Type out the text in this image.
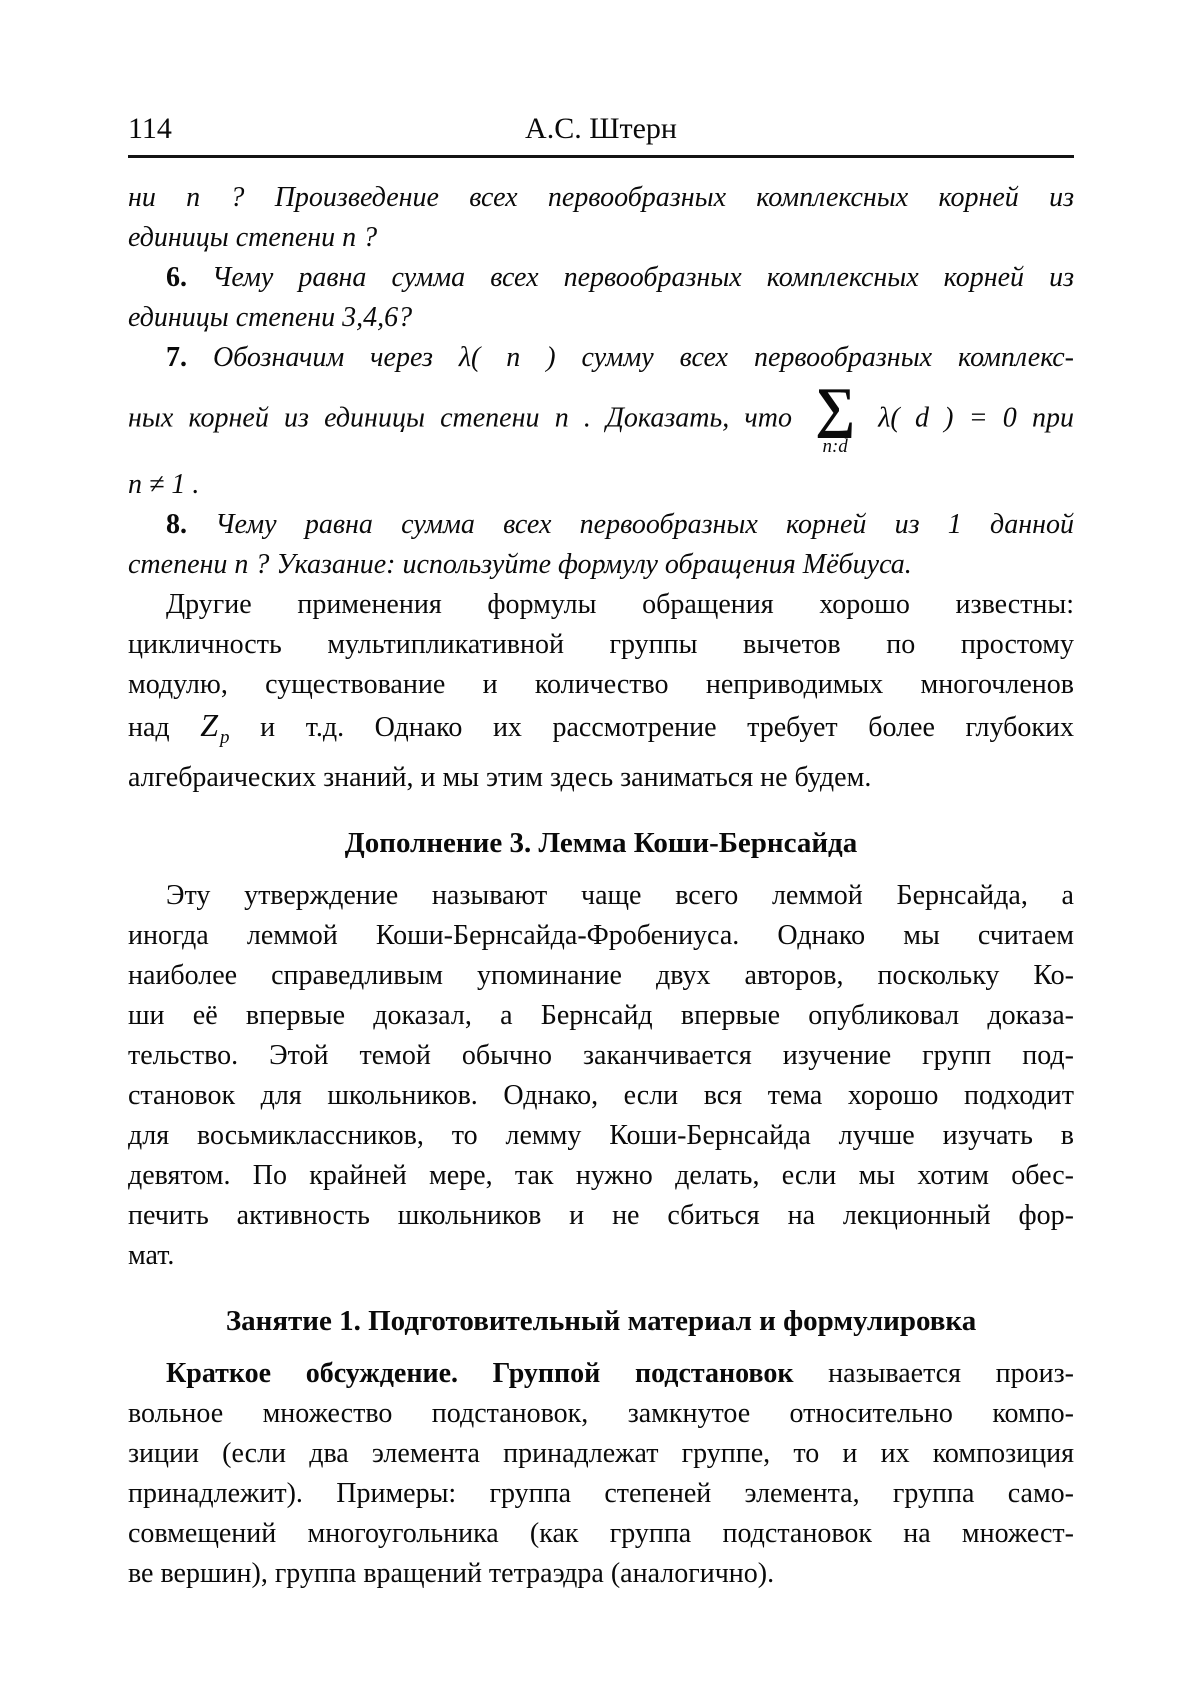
114	А.С. Штерн
ни n ? Произведение всех первообразных комплексных корней из
единицы степени n ?
6. Чему равна сумма всех первообразных комплексных корней из
единицы степени 3,4,6?
7. Обозначим через λ( n ) сумму всех первообразных комплекс-
ных корней из единицы степени n . Доказать, что ∑
n:d
λ( d ) = 0 при
n ≠ 1 .
8. Чему равна сумма всех первообразных корней из 1 данной
степени n ? Указание: используйте формулу обращения Мёбиуса.
Другие применения формулы обращения хорошо известны:
цикличность мультипликативной группы вычетов по простому
модулю, существование и количество неприводимых многочленов
над Z $_p$ и т.д. Однако их рассмотрение требует более глубоких
алгебраических знаний, и мы этим здесь заниматься не будем.
Дополнение 3. Лемма Коши-Бернсайда
Эту утверждение называют чаще всего леммой Бернсайда, а
иногда леммой Коши-Бернсайда-Фробениуса. Однако мы считаем
наиболее справедливым упоминание двух авторов, поскольку Ко-
ши её впервые доказал, а Бернсайд впервые опубликовал доказа-
тельство. Этой темой обычно заканчивается изучение групп под-
становок для школьников. Однако, если вся тема хорошо подходит
для восьмиклассников, то лемму Коши-Бернсайда лучше изучать в
девятом. По крайней мере, так нужно делать, если мы хотим обес-
печить активность школьников и не сбиться на лекционный фор-
мат.
Занятие 1. Подготовительный материал и формулировка
Краткое обсуждение. Группой подстановок называется произ-
вольное множество подстановок, замкнутое относительно компо-
зиции (если два элемента принадлежат группе, то и их композиция
принадлежит). Примеры: группа степеней элемента, группа само-
совмещений многоугольника (как группа подстановок на множест-
ве вершин), группа вращений тетраэдра (аналогично).
